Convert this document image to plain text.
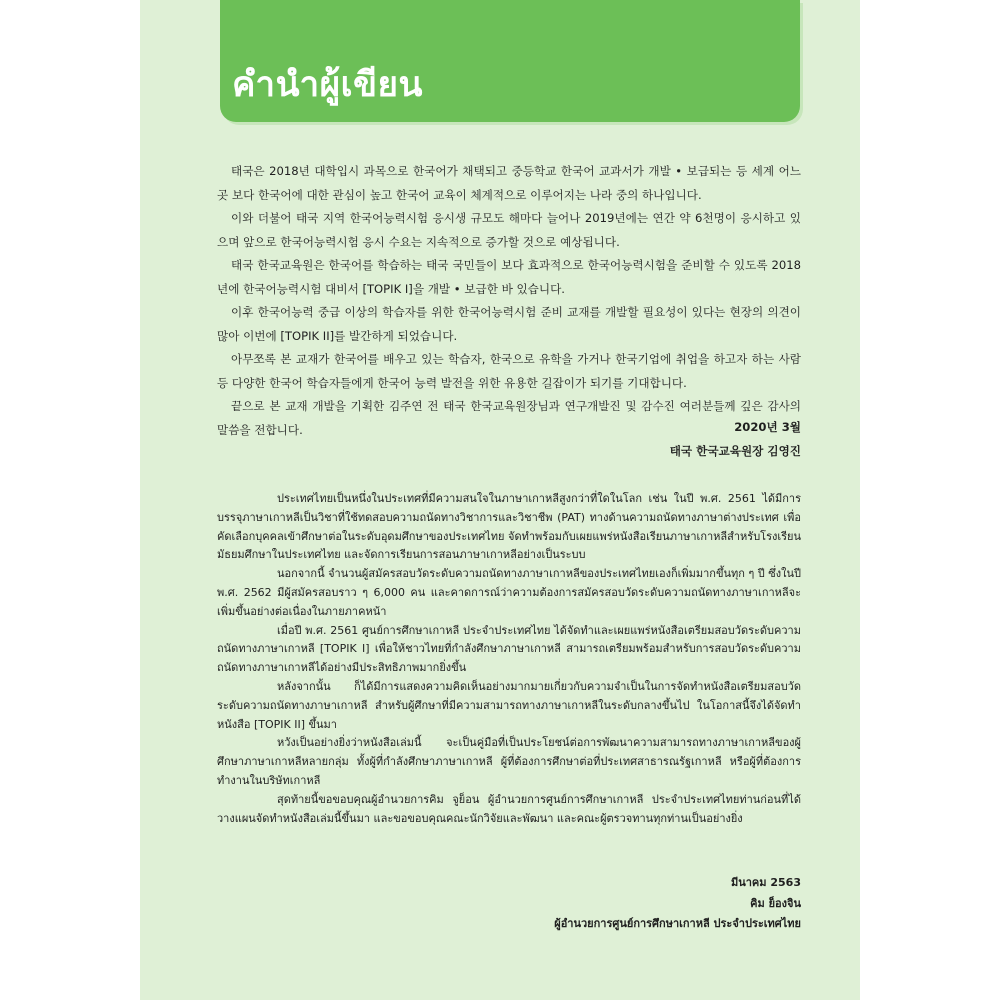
คำนำผู้เขียน

태국은 2018년 대학입시 과목으로 한국어가 채택되고 중등학교 한국어 교과서가 개발 • 보급되는 등 세계 어느 곳 보다 한국어에 대한 관심이 높고 한국어 교육이 체계적으로 이루어지는 나라 중의 하나입니다.

이와 더불어 태국 지역 한국어능력시험 응시생 규모도 해마다 늘어나 2019년에는 연간 약 6천명이 응시하고 있으며 앞으로 한국어능력시험 응시 수요는 지속적으로 증가할 것으로 예상됩니다.

태국 한국교육원은 한국어를 학습하는 태국 국민들이 보다 효과적으로 한국어능력시험을 준비할 수 있도록 2018년에 한국어능력시험 대비서 [TOPIK I]을 개발 • 보급한 바 있습니다.

이후 한국어능력 중급 이상의 학습자를 위한 한국어능력시험 준비 교재를 개발할 필요성이 있다는 현장의 의견이 많아 이번에 [TOPIK II]를 발간하게 되었습니다.

아무쪼록 본 교재가 한국어를 배우고 있는 학습자, 한국으로 유학을 가거나 한국기업에 취업을 하고자 하는 사람 등 다양한 한국어 학습자들에게 한국어 능력 발전을 위한 유용한 길잡이가 되기를 기대합니다.

끝으로 본 교재 개발을 기획한 김주연 전 태국 한국교육원장님과 연구개발진 및 감수진 여러분들께 깊은 감사의 말씀을 전합니다.	2020년 3월
태국 한국교육원장 김영진

ประเทศไทยเป็นหนึ่งในประเทศที่มีความสนใจในภาษาเกาหลีสูงกว่าที่ใดในโลก เช่น ในปี พ.ศ. 2561 ได้มีการบรรจุภาษาเกาหลีเป็นวิชาที่ใช้ทดสอบความถนัดทางวิชาการและวิชาชีพ (PAT) ทางด้านความถนัดทางภาษาต่างประเทศ เพื่อคัดเลือกบุคคลเข้าศึกษาต่อในระดับอุดมศึกษาของประเทศไทย จัดทำพร้อมกับเผยแพร่หนังสือเรียนภาษาเกาหลีสำหรับโรงเรียนมัธยมศึกษาในประเทศไทย และจัดการเรียนการสอนภาษาเกาหลีอย่างเป็นระบบ

นอกจากนี้ จำนวนผู้สมัครสอบวัดระดับความถนัดทางภาษาเกาหลีของประเทศไทยเองก็เพิ่มมากขึ้นทุก ๆ ปี ซึ่งในปี พ.ศ. 2562 มีผู้สมัครสอบราว ๆ 6,000 คน และคาดการณ์ว่าความต้องการสมัครสอบวัดระดับความถนัดทางภาษาเกาหลีจะเพิ่มขึ้นอย่างต่อเนื่องในภายภาคหน้า

เมื่อปี พ.ศ. 2561 ศูนย์การศึกษาเกาหลี ประจำประเทศไทย ได้จัดทำและเผยแพร่หนังสือเตรียมสอบวัดระดับความถนัดทางภาษาเกาหลี [TOPIK I] เพื่อให้ชาวไทยที่กำลังศึกษาภาษาเกาหลี สามารถเตรียมพร้อมสำหรับการสอบวัดระดับความถนัดทางภาษาเกาหลีได้อย่างมีประสิทธิภาพมากยิ่งขึ้น

หลังจากนั้น ก็ได้มีการแสดงความคิดเห็นอย่างมากมายเกี่ยวกับความจำเป็นในการจัดทำหนังสือเตรียมสอบวัดระดับความถนัดทางภาษาเกาหลี สำหรับผู้ศึกษาที่มีความสามารถทางภาษาเกาหลีในระดับกลางขึ้นไป ในโอกาสนี้จึงได้จัดทำหนังสือ [TOPIK II] ขึ้นมา

หวังเป็นอย่างยิ่งว่าหนังสือเล่มนี้ จะเป็นคู่มือที่เป็นประโยชน์ต่อการพัฒนาความสามารถทางภาษาเกาหลีของผู้ศึกษาภาษาเกาหลีหลายกลุ่ม ทั้งผู้ที่กำลังศึกษาภาษาเกาหลี ผู้ที่ต้องการศึกษาต่อที่ประเทศสาธารณรัฐเกาหลี หรือผู้ที่ต้องการทำงานในบริษัทเกาหลี

สุดท้ายนี้ขอขอบคุณผู้อำนวยการคิม จูย็อน ผู้อำนวยการศูนย์การศึกษาเกาหลี ประจำประเทศไทยท่านก่อนที่ได้วางแผนจัดทำหนังสือเล่มนี้ขึ้นมา และขอขอบคุณคณะนักวิจัยและพัฒนา และคณะผู้ตรวจทานทุกท่านเป็นอย่างยิ่ง

มีนาคม 2563
คิม ย็องจิน
ผู้อำนวยการศูนย์การศึกษาเกาหลี ประจำประเทศไทย
